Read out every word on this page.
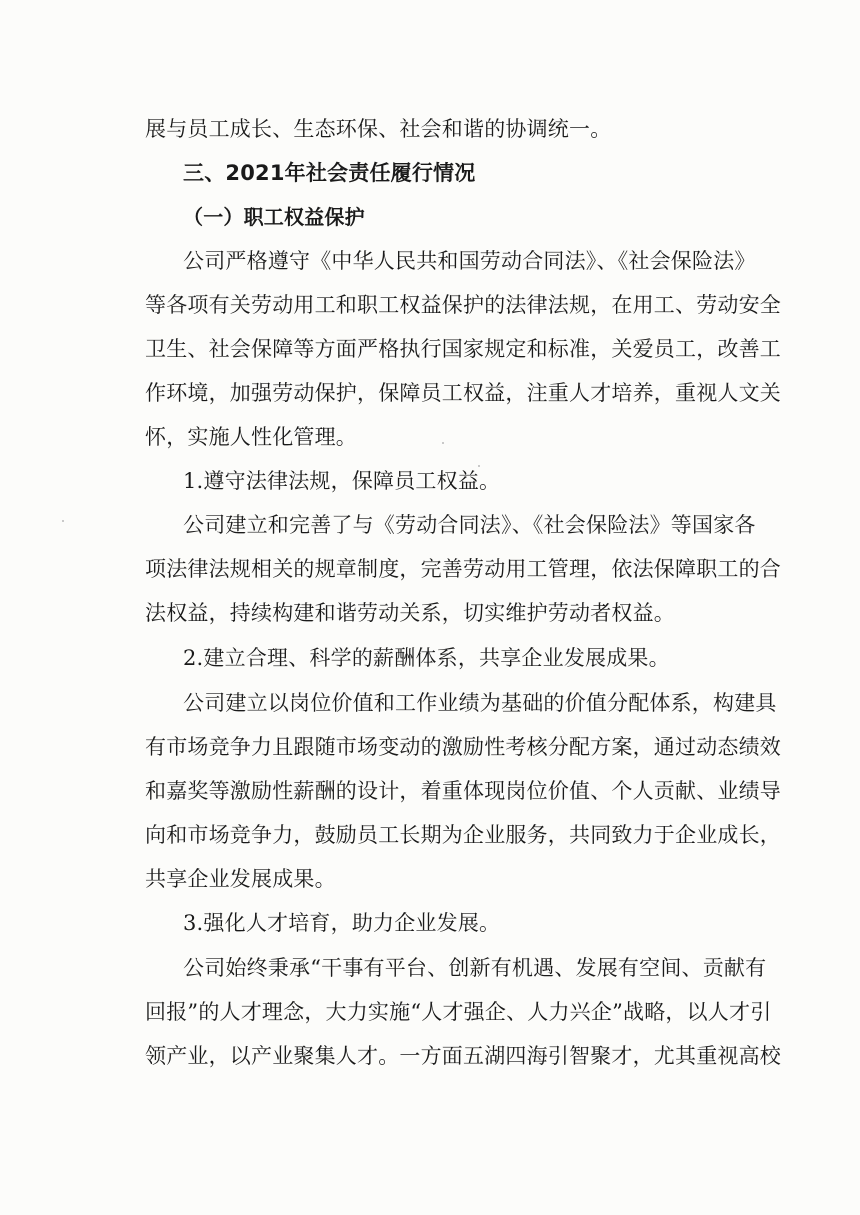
展与员工成长、生态环保、社会和谐的协调统一。

三、2021年社会责任履行情况

（一）职工权益保护

公司严格遵守《中华人民共和国劳动合同法》、《社会保险法》

等各项有关劳动用工和职工权益保护的法律法规，在用工、劳动安全

卫生、社会保障等方面严格执行国家规定和标准，关爱员工，改善工

作环境，加强劳动保护，保障员工权益，注重人才培养，重视人文关

怀，实施人性化管理。

1.遵守法律法规，保障员工权益。

公司建立和完善了与《劳动合同法》、《社会保险法》等国家各

项法律法规相关的规章制度，完善劳动用工管理，依法保障职工的合

法权益，持续构建和谐劳动关系，切实维护劳动者权益。

2.建立合理、科学的薪酬体系，共享企业发展成果。

公司建立以岗位价值和工作业绩为基础的价值分配体系，构建具

有市场竞争力且跟随市场变动的激励性考核分配方案，通过动态绩效

和嘉奖等激励性薪酬的设计，着重体现岗位价值、个人贡献、业绩导

向和市场竞争力，鼓励员工长期为企业服务，共同致力于企业成长，

共享企业发展成果。

3.强化人才培育，助力企业发展。

公司始终秉承“干事有平台、创新有机遇、发展有空间、贡献有

回报”的人才理念，大力实施“人才强企、人力兴企”战略，以人才引

领产业，以产业聚集人才。一方面五湖四海引智聚才，尤其重视高校
